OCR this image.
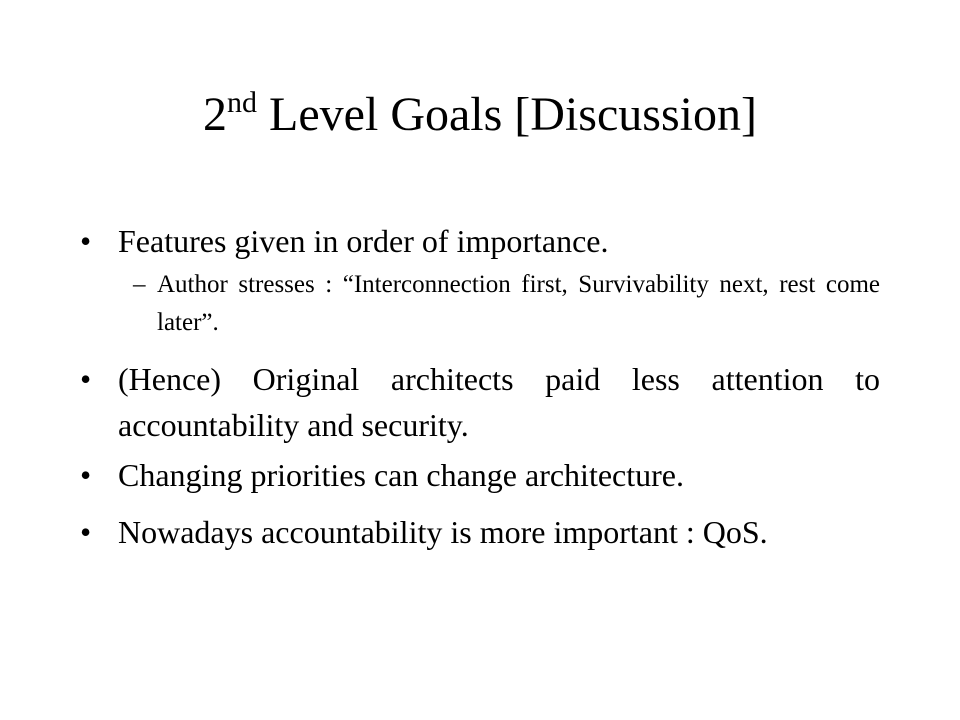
2nd Level Goals [Discussion]
• Features given in order of importance.
– Author stresses : “Interconnection first, Survivability next, rest come later”.
• (Hence) Original architects paid less attention to accountability and security.
• Changing priorities can change architecture.
• Nowadays accountability is more important : QoS.
